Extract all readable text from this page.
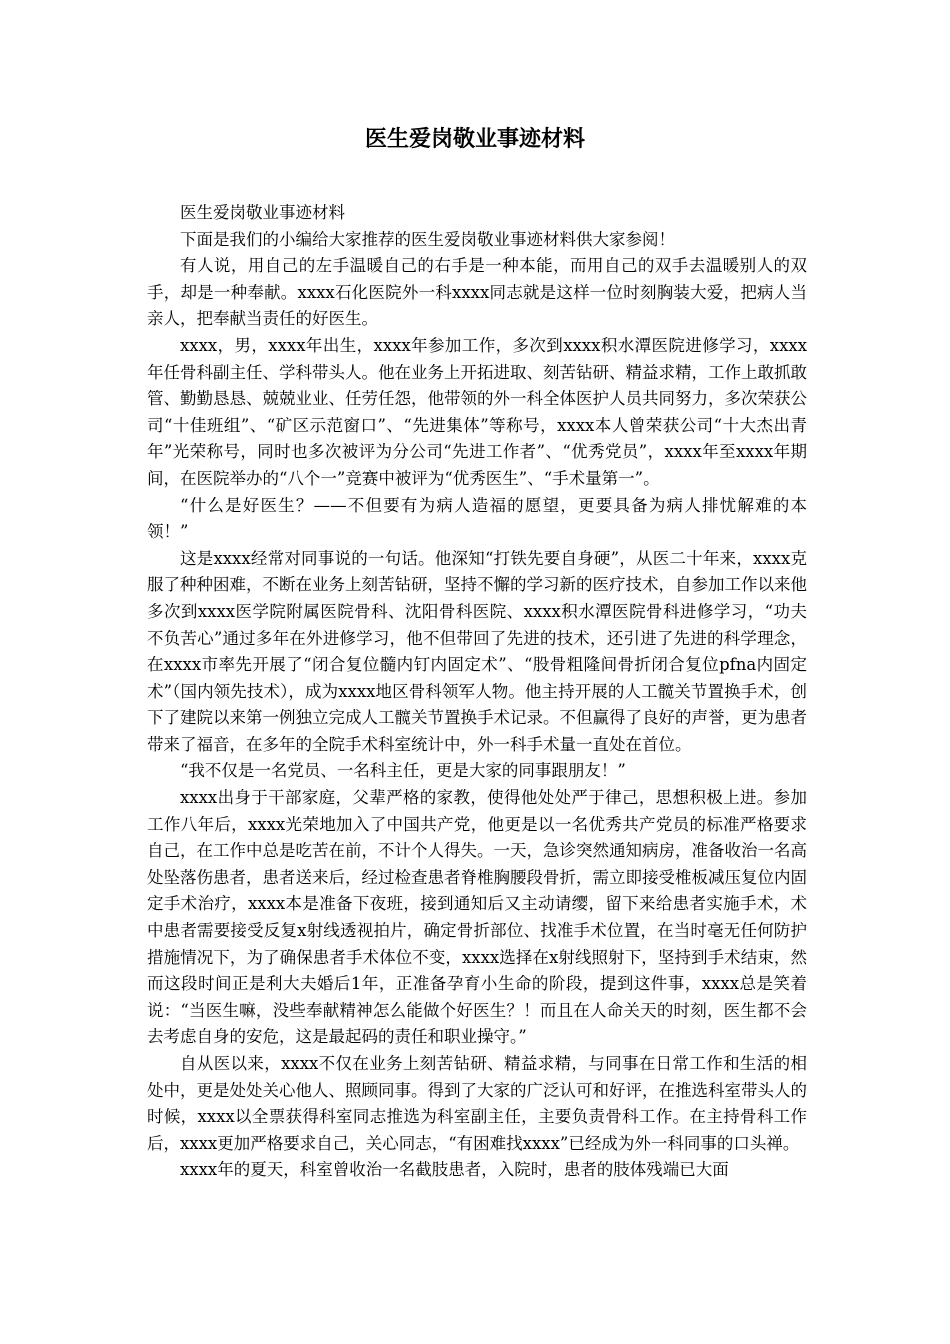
医生爱岗敬业事迹材料

医生爱岗敬业事迹材料

下面是我们的小编给大家推荐的医生爱岗敬业事迹材料供大家参阅！

有人说，用自己的左手温暖自己的右手是一种本能，而用自己的双手去温暖别人的双手，却是一种奉献。xxxx石化医院外一科xxxx同志就是这样一位时刻胸装大爱，把病人当亲人，把奉献当责任的好医生。

xxxx，男，xxxx年出生，xxxx年参加工作，多次到xxxx积水潭医院进修学习，xxxx年任骨科副主任、学科带头人。他在业务上开拓进取、刻苦钻研、精益求精，工作上敢抓敢管、勤勤恳恳、兢兢业业、任劳任怨，他带领的外一科全体医护人员共同努力，多次荣获公司“十佳班组”、“矿区示范窗口”、“先进集体”等称号，xxxx本人曾荣获公司“十大杰出青年”光荣称号，同时也多次被评为分公司“先进工作者”、“优秀党员”，xxxx年至xxxx年期间，在医院举办的“八个一”竞赛中被评为“优秀医生”、“手术量第一”。

“什么是好医生？——不但要有为病人造福的愿望，更要具备为病人排忧解难的本领！”

这是xxxx经常对同事说的一句话。他深知“打铁先要自身硬”，从医二十年来，xxxx克服了种种困难，不断在业务上刻苦钻研，坚持不懈的学习新的医疗技术，自参加工作以来他多次到xxxx医学院附属医院骨科、沈阳骨科医院、xxxx积水潭医院骨科进修学习，“功夫不负苦心”通过多年在外进修学习，他不但带回了先进的技术，还引进了先进的科学理念，在xxxx市率先开展了“闭合复位髓内钉内固定术”、“股骨粗隆间骨折闭合复位pfna内固定术”（国内领先技术），成为xxxx地区骨科领军人物。他主持开展的人工髋关节置换手术，创下了建院以来第一例独立完成人工髋关节置换手术记录。不但赢得了良好的声誉，更为患者带来了福音，在多年的全院手术科室统计中，外一科手术量一直处在首位。

“我不仅是一名党员、一名科主任，更是大家的同事跟朋友！”

xxxx出身于干部家庭，父辈严格的家教，使得他处处严于律己，思想积极上进。参加工作八年后，xxxx光荣地加入了中国共产党，他更是以一名优秀共产党员的标准严格要求自己，在工作中总是吃苦在前，不计个人得失。一天，急诊突然通知病房，准备收治一名高处坠落伤患者，患者送来后，经过检查患者脊椎胸腰段骨折，需立即接受椎板减压复位内固定手术治疗，xxxx本是准备下夜班，接到通知后又主动请缨，留下来给患者实施手术，术中患者需要接受反复x射线透视拍片，确定骨折部位、找准手术位置，在当时毫无任何防护措施情况下，为了确保患者手术体位不变，xxxx选择在x射线照射下，坚持到手术结束，然而这段时间正是利大夫婚后1年，正准备孕育小生命的阶段，提到这件事，xxxx总是笑着说：“当医生嘛，没些奉献精神怎么能做个好医生？！而且在人命关天的时刻，医生都不会去考虑自身的安危，这是最起码的责任和职业操守。”

自从医以来，xxxx不仅在业务上刻苦钻研、精益求精，与同事在日常工作和生活的相处中，更是处处关心他人、照顾同事。得到了大家的广泛认可和好评，在推选科室带头人的时候，xxxx以全票获得科室同志推选为科室副主任，主要负责骨科工作。在主持骨科工作后，xxxx更加严格要求自己，关心同志，“有困难找xxxx”已经成为外一科同事的口头禅。

xxxx年的夏天，科室曾收治一名截肢患者，入院时，患者的肢体残端已大面
